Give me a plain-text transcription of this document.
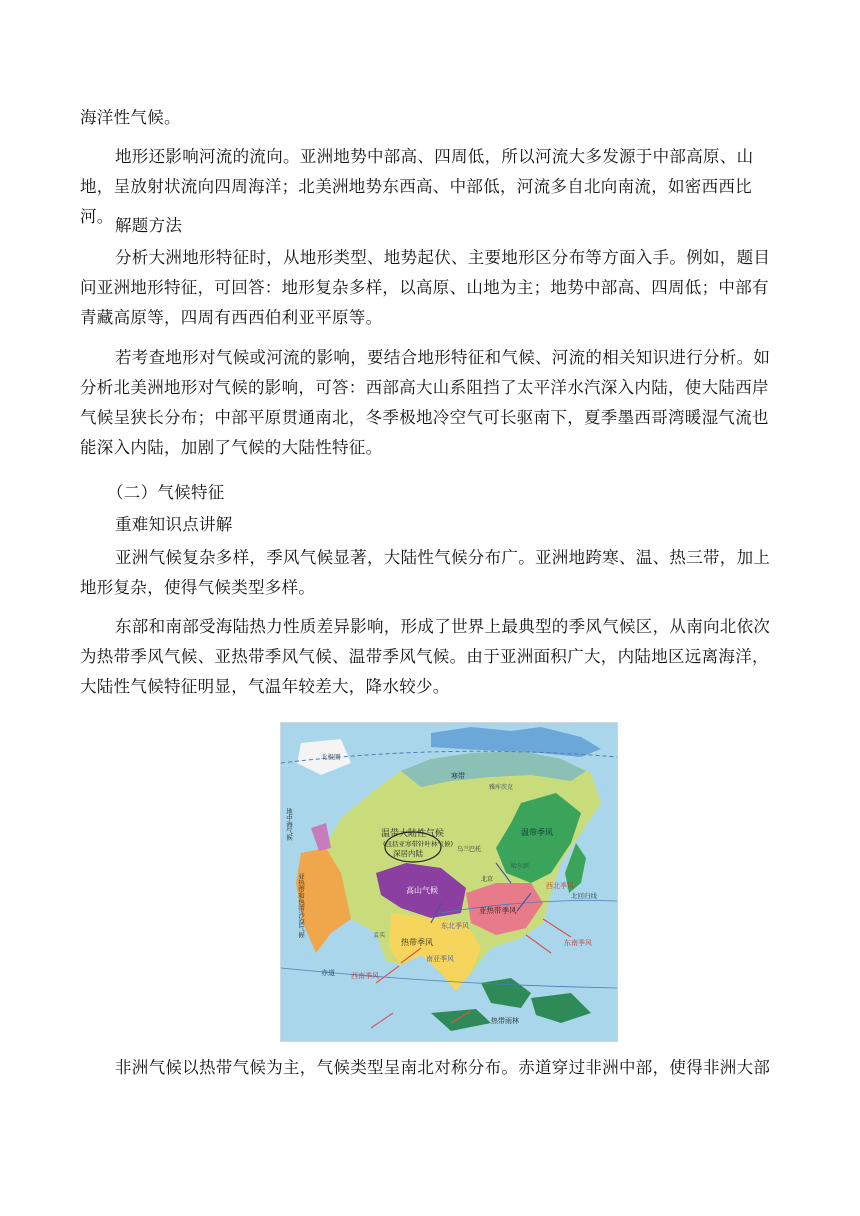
海洋性气候。

地形还影响河流的流向。亚洲地势中部高、四周低，所以河流大多发源于中部高原、山地，呈放射状流向四周海洋；北美洲地势东西高、中部低，河流多自北向南流，如密西西比河。 解题方法

分析大洲地形特征时，从地形类型、地势起伏、主要地形区分布等方面入手。例如，题目问亚洲地形特征，可回答：地形复杂多样，以高原、山地为主；地势中部高、四周低；中部有青藏高原等，四周有西西伯利亚平原等。

若考查地形对气候或河流的影响，要结合地形特征和气候、河流的相关知识进行分析。如分析北美洲地形对气候的影响，可答：西部高大山系阻挡了太平洋水汽深入内陆，使大陆西岸气候呈狭长分布；中部平原贯通南北，冬季极地冷空气可长驱南下，夏季墨西哥湾暖湿气流也能深入内陆，加剧了气候的大陆性特征。

（二）气候特征

重难知识点讲解

亚洲气候复杂多样，季风气候显著，大陆性气候分布广。亚洲地跨寒、温、热三带，加上地形复杂，使得气候类型多样。

东部和南部受海陆热力性质差异影响，形成了世界上最典型的季风气候区，从南向北依次为热带季风气候、亚热带季风气候、温带季风气候。由于亚洲面积广大，内陆地区远离海洋，大陆性气候特征明显，气温年较差大，降水较少。

温带大陆性气候
(包括亚寒带针叶林气候)
深居内陆	乌兰巴托
北京
高山气候
温带季风
亚热带季风
热带季风
热带雨林
亚热带和热带沙漠气候
地中海气候
寒带
北极圈
北回归线
赤道
西北季风
东北季风
东南季风
西南季风
南亚季风
雅库茨克
哈尔滨
孟买

非洲气候以热带气候为主，气候类型呈南北对称分布。赤道穿过非洲中部，使得非洲大部
